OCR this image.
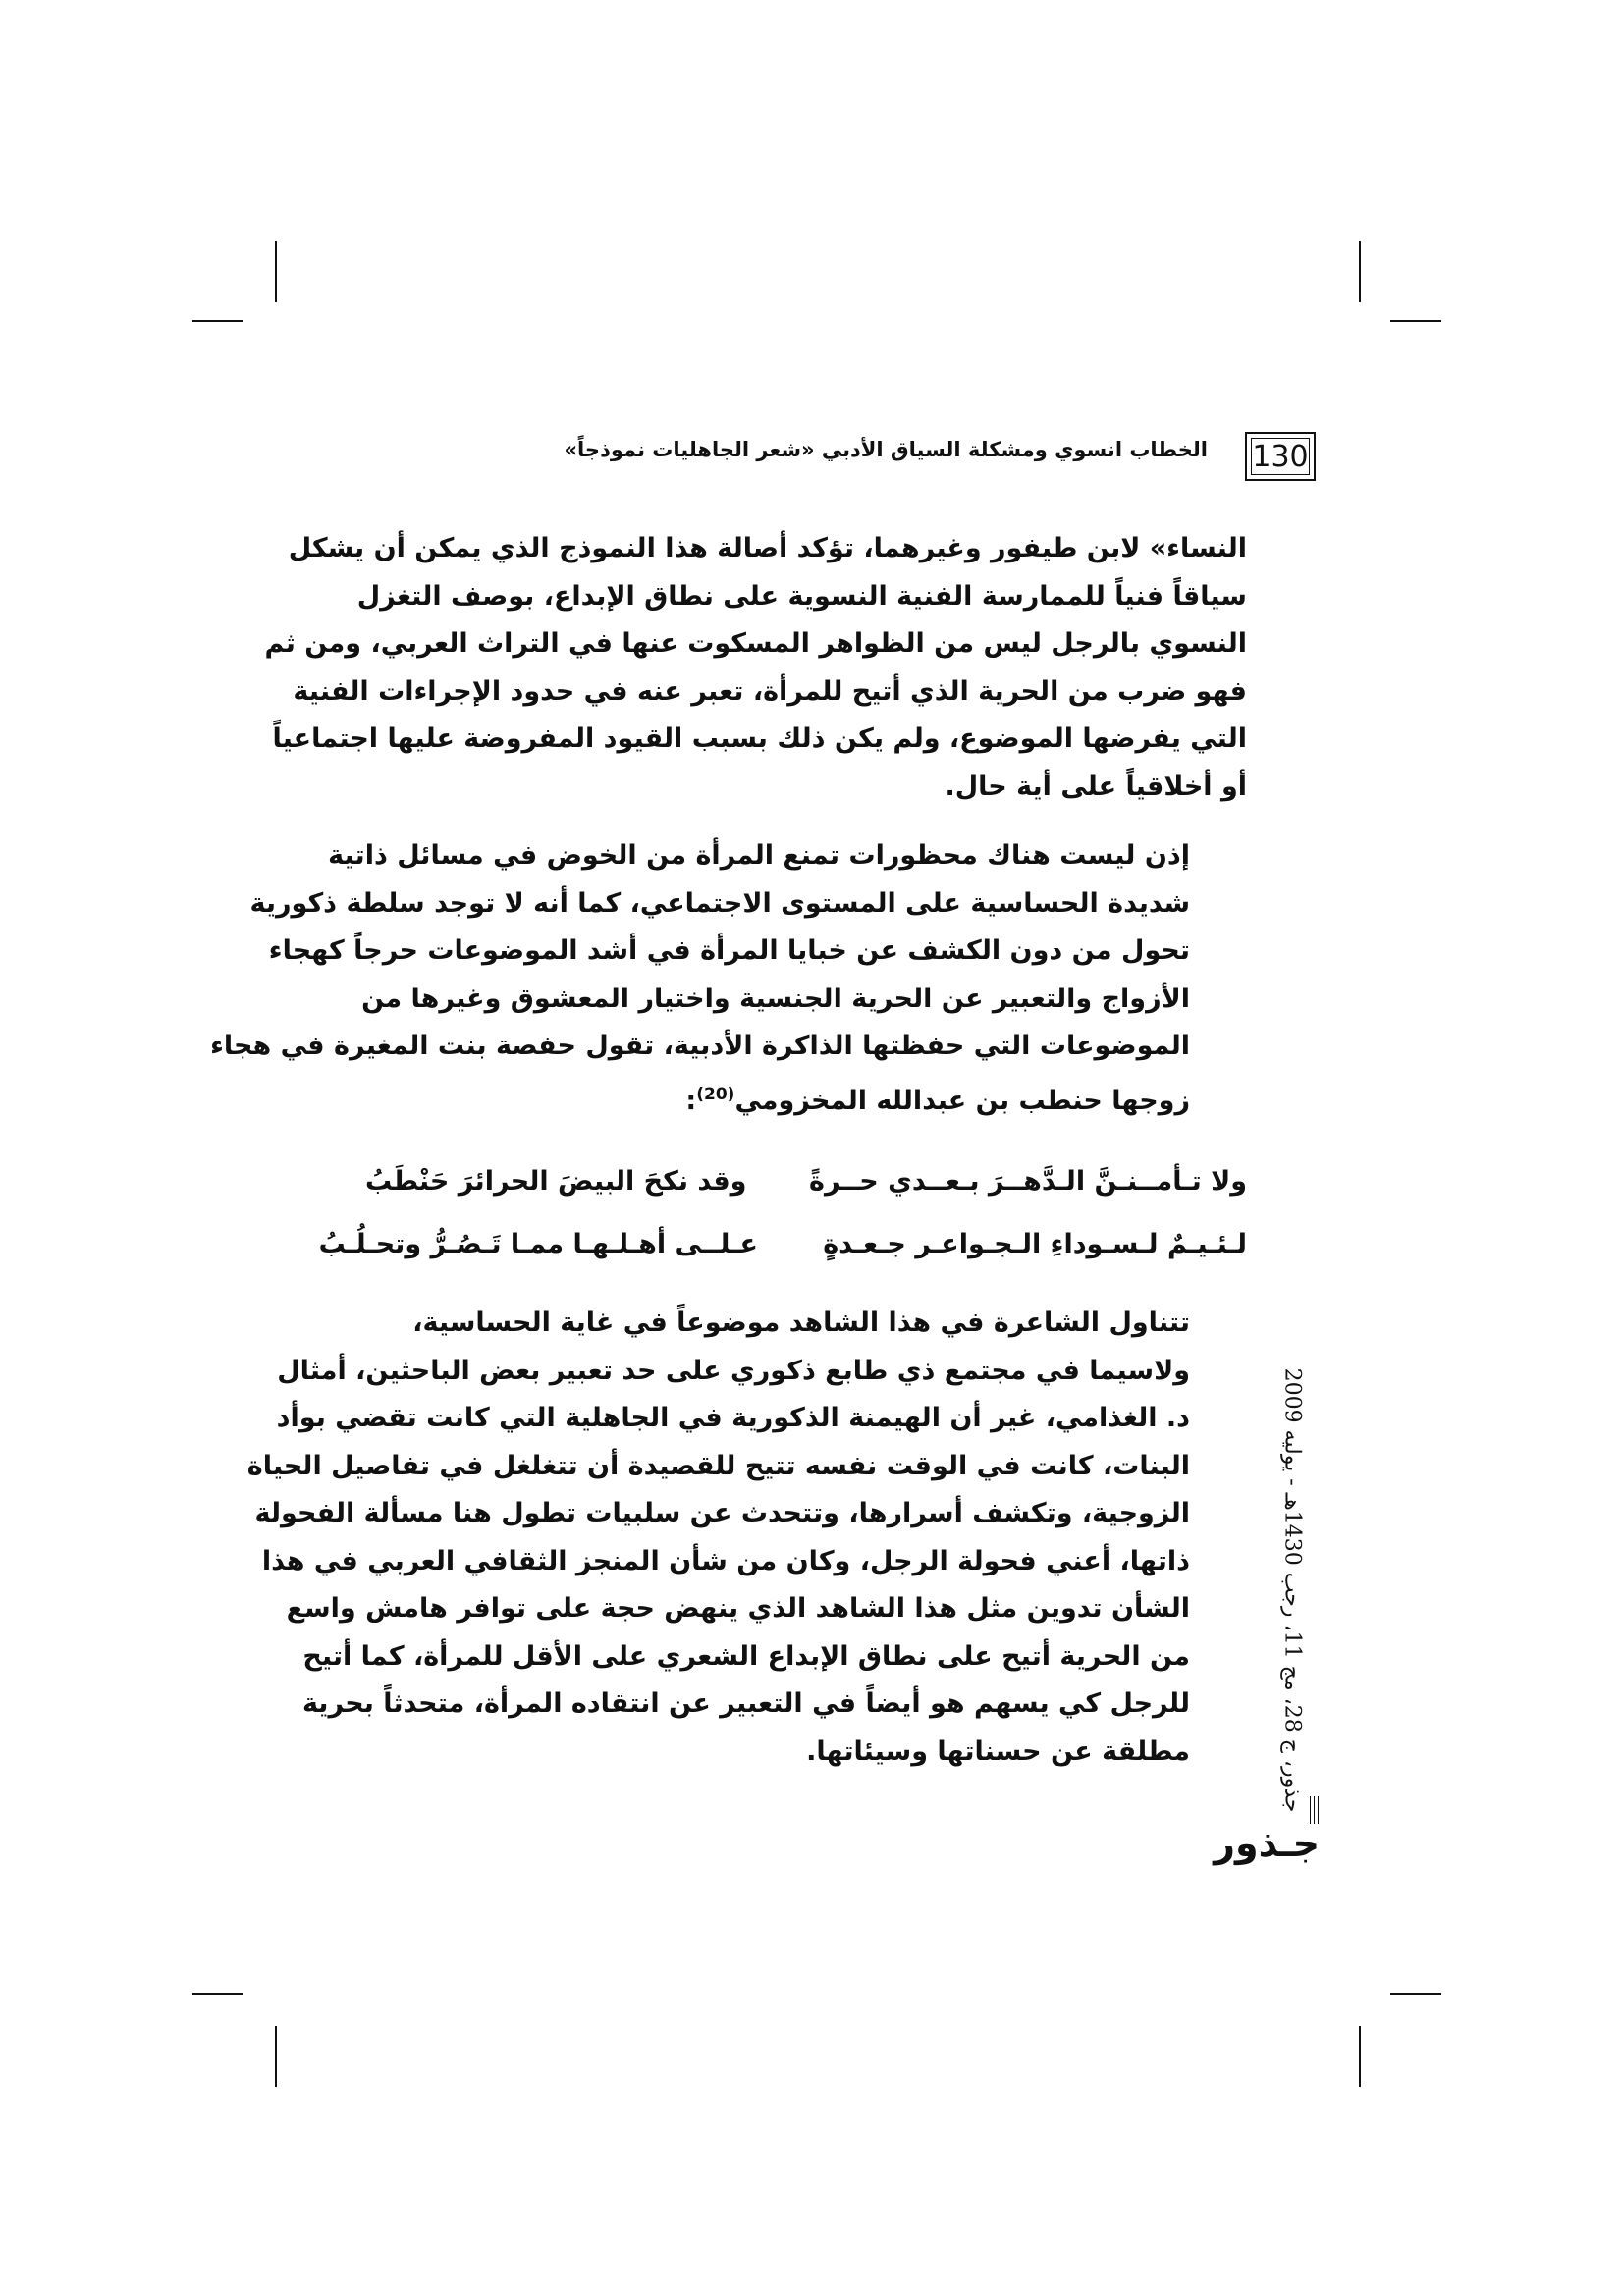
130
الخطاب انسوي ومشكلة السياق الأدبي «شعر الجاهليات نموذجاً»

النساء» لابن طيفور وغيرهما، تؤكد أصالة هذا النموذج الذي يمكن أن يشكل
سياقاً فنياً للممارسة الفنية النسوية على نطاق الإبداع، بوصف التغزل
النسوي بالرجل ليس من الظواهر المسكوت عنها في التراث العربي، ومن ثم
فهو ضرب من الحرية الذي أتيح للمرأة، تعبر عنه في حدود الإجراءات الفنية
التي يفرضها الموضوع، ولم يكن ذلك بسبب القيود المفروضة عليها اجتماعياً
أو أخلاقياً على أية حال.

إذن ليست هناك محظورات تمنع المرأة من الخوض في مسائل ذاتية
شديدة الحساسية على المستوى الاجتماعي، كما أنه لا توجد سلطة ذكورية
تحول من دون الكشف عن خبايا المرأة في أشد الموضوعات حرجاً كهجاء
الأزواج والتعبير عن الحرية الجنسية واختيار المعشوق وغيرها من
الموضوعات التي حفظتها الذاكرة الأدبية، تقول حفصة بنت المغيرة في هجاء
زوجها حنطب بن عبدالله المخزومي$^{(20)}$:

ولا تـأمــنـنَّ الـدَّهــرَ بـعــدي حــرةً
وقد نكحَ البيضَ الحرائرَ حَنْطَبُ
لـئـيـمٌ لـسـوداءِ الـجـواعـر جـعـدةٍ
عـلــى أهـلـهـا ممـا تَـصُـرُّ وتحـلُـبُ

تتناول الشاعرة في هذا الشاهد موضوعاً في غاية الحساسية،
ولاسيما في مجتمع ذي طابع ذكوري على حد تعبير بعض الباحثين، أمثال
د. الغذامي، غير أن الهيمنة الذكورية في الجاهلية التي كانت تقضي بوأد
البنات، كانت في الوقت نفسه تتيح للقصيدة أن تتغلغل في تفاصيل الحياة
الزوجية، وتكشف أسرارها، وتتحدث عن سلبيات تطول هنا مسألة الفحولة
ذاتها، أعني فحولة الرجل، وكان من شأن المنجز الثقافي العربي في هذا
الشأن تدوين مثل هذا الشاهد الذي ينهض حجة على توافر هامش واسع
من الحرية أتيح على نطاق الإبداع الشعري على الأقل للمرأة، كما أتيح
للرجل كي يسهم هو أيضاً في التعبير عن انتقاده المرأة، متحدثاً بحرية
مطلقة عن حسناتها وسيئاتها.

جذور، ج 28، مج 11، رجب 1430هـ - يوليه 2009
جـذور
